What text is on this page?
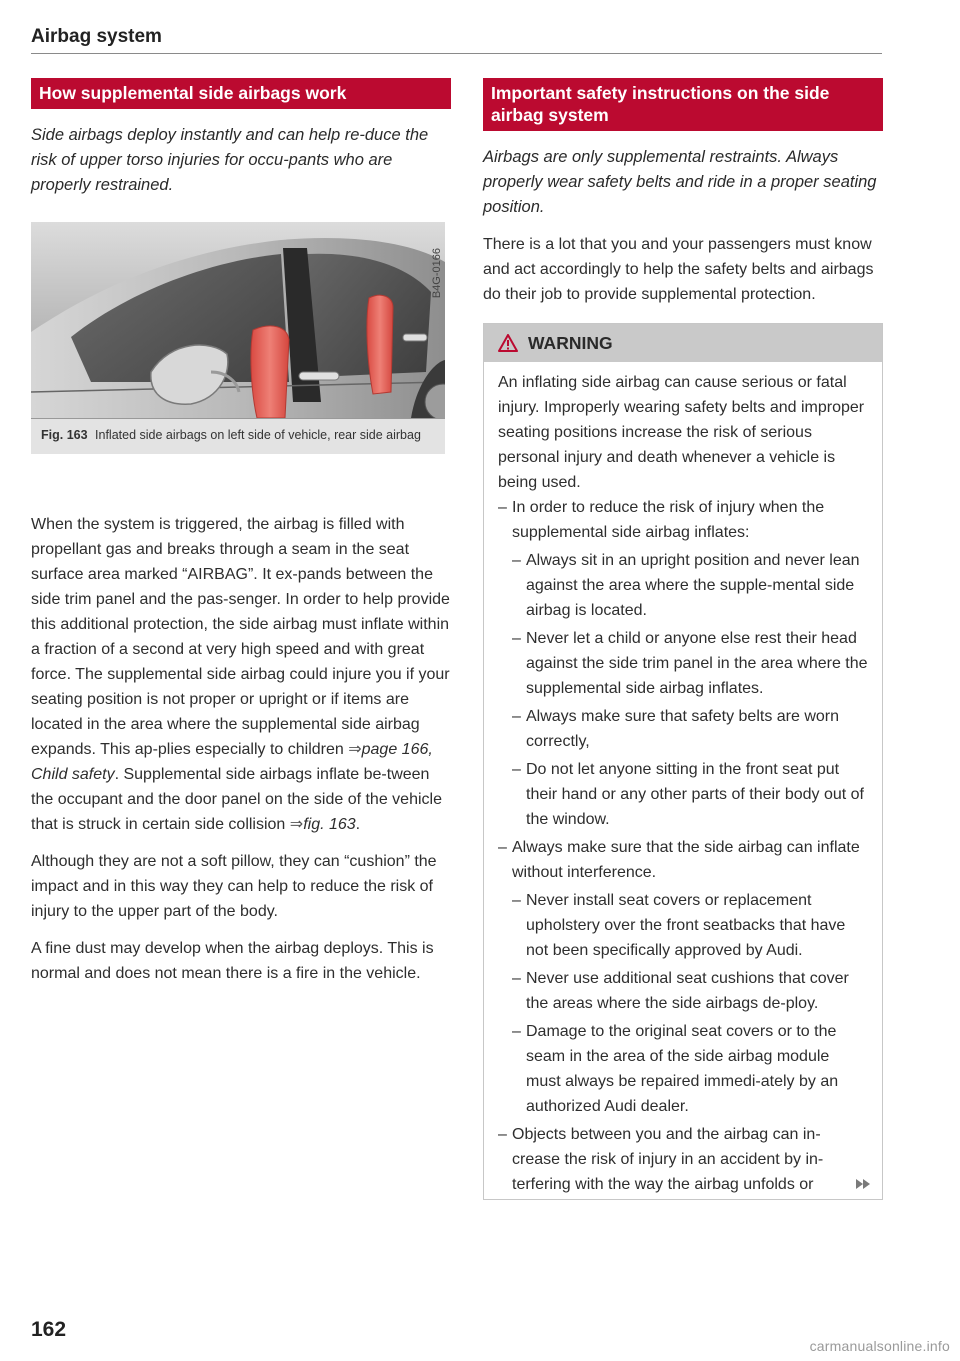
Airbag system
How supplemental side airbags work

Side airbags deploy instantly and can help re-duce the risk of upper torso injuries for occu-pants who are properly restrained.

B4G-0166
Fig. 163 Inflated side airbags on left side of vehicle, rear side airbag

When the system is triggered, the airbag is filled with propellant gas and breaks through a seam in the seat surface area marked “AIRBAG”. It ex-pands between the side trim panel and the pas-senger. In order to help provide this additional protection, the side airbag must inflate within a fraction of a second at very high speed and with great force. The supplemental side airbag could injure you if your seating position is not proper or upright or if items are located in the area where the supplemental side airbag expands. This ap-plies especially to children ⇒page 166, Child safety. Supplemental side airbags inflate be-tween the occupant and the door panel on the side of the vehicle that is struck in certain side collision ⇒fig. 163.

Although they are not a soft pillow, they can “cushion” the impact and in this way they can help to reduce the risk of injury to the upper part of the body.

A fine dust may develop when the airbag deploys. This is normal and does not mean there is a fire in the vehicle.

Important safety instructions on the side airbag system

Airbags are only supplemental restraints. Always properly wear safety belts and ride in a proper seating position.

There is a lot that you and your passengers must know and act accordingly to help the safety belts and airbags do their job to provide supplemental protection.

WARNING

An inflating side airbag can cause serious or fatal injury. Improperly wearing safety belts and improper seating positions increase the risk of serious personal injury and death whenever a vehicle is being used.

– In order to reduce the risk of injury when the supplemental side airbag inflates:
– Always sit in an upright position and never lean against the area where the supple-mental side airbag is located.
– Never let a child or anyone else rest their head against the side trim panel in the area where the supplemental side airbag inflates.
– Always make sure that safety belts are worn correctly,
– Do not let anyone sitting in the front seat put their hand or any other parts of their body out of the window.
– Always make sure that the side airbag can inflate without interference.
– Never install seat covers or replacement upholstery over the front seatbacks that have not been specifically approved by Audi.
– Never use additional seat cushions that cover the areas where the side airbags de-ploy.
– Damage to the original seat covers or to the seam in the area of the side airbag module must always be repaired immedi-ately by an authorized Audi dealer.
– Objects between you and the airbag can in-crease the risk of injury in an accident by in-terfering with the way the airbag unfolds or
162
carmanualsonline.info
